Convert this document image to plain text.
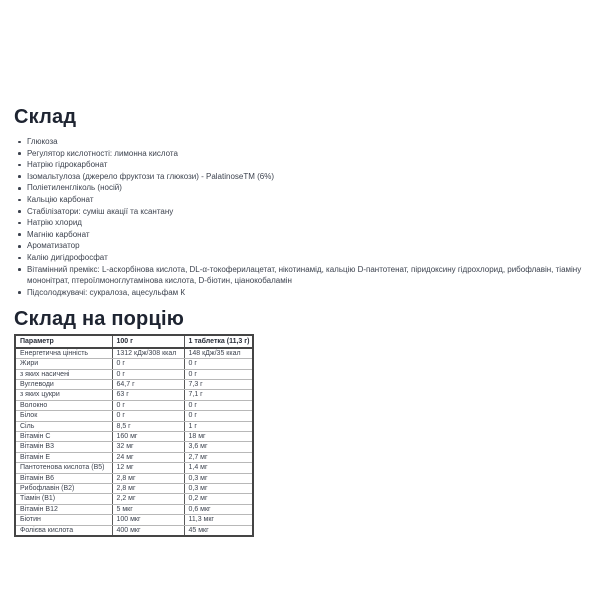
Склад
Глюкоза
Регулятор кислотності: лимонна кислота
Натрію гідрокарбонат
Ізомальтулоза (джерело фруктози та глюкози) - PalatinoseTM (6%)
Поліетиленгліколь (носій)
Кальцію карбонат
Стабілізатори: суміш акації та ксантану
Натрію хлорид
Магнію карбонат
Ароматизатор
Калію дигідрофосфат
Вітамінний премікс: L-аскорбінова кислота, DL-α-токоферилацетат, нікотинамід, кальцію D-пантотенат, піридоксину гідрохлорид, рибофлавін, тіаміну мононітрат, птероїлмоноглутамінова кислота, D-біотин, ціанокобаламін
Підсолоджувачі: сукралоза, ацесульфам К
Склад на порцію
Параметр	100 г	1 таблетка (11,3 г)
Енергетична цінність	1312 кДж/308 ккал	148 кДж/35 ккал
Жири	0 г	0 г
з яких насичені	0 г	0 г
Вуглеводи	64,7 г	7,3 г
з яких цукри	63 г	7,1 г
Волокно	0 г	0 г
Білок	0 г	0 г
Сіль	8,5 г	1 г
Вітамін C	160 мг	18 мг
Вітамін B3	32 мг	3,6 мг
Вітамін E	24 мг	2,7 мг
Пантотенова кислота (B5)	12 мг	1,4 мг
Вітамін B6	2,8 мг	0,3 мг
Рибофлавін (B2)	2,8 мг	0,3 мг
Тіамін (B1)	2,2 мг	0,2 мг
Вітамін B12	5 мкг	0,6 мкг
Біотин	100 мкг	11,3 мкг
Фолієва кислота	400 мкг	45 мкг
